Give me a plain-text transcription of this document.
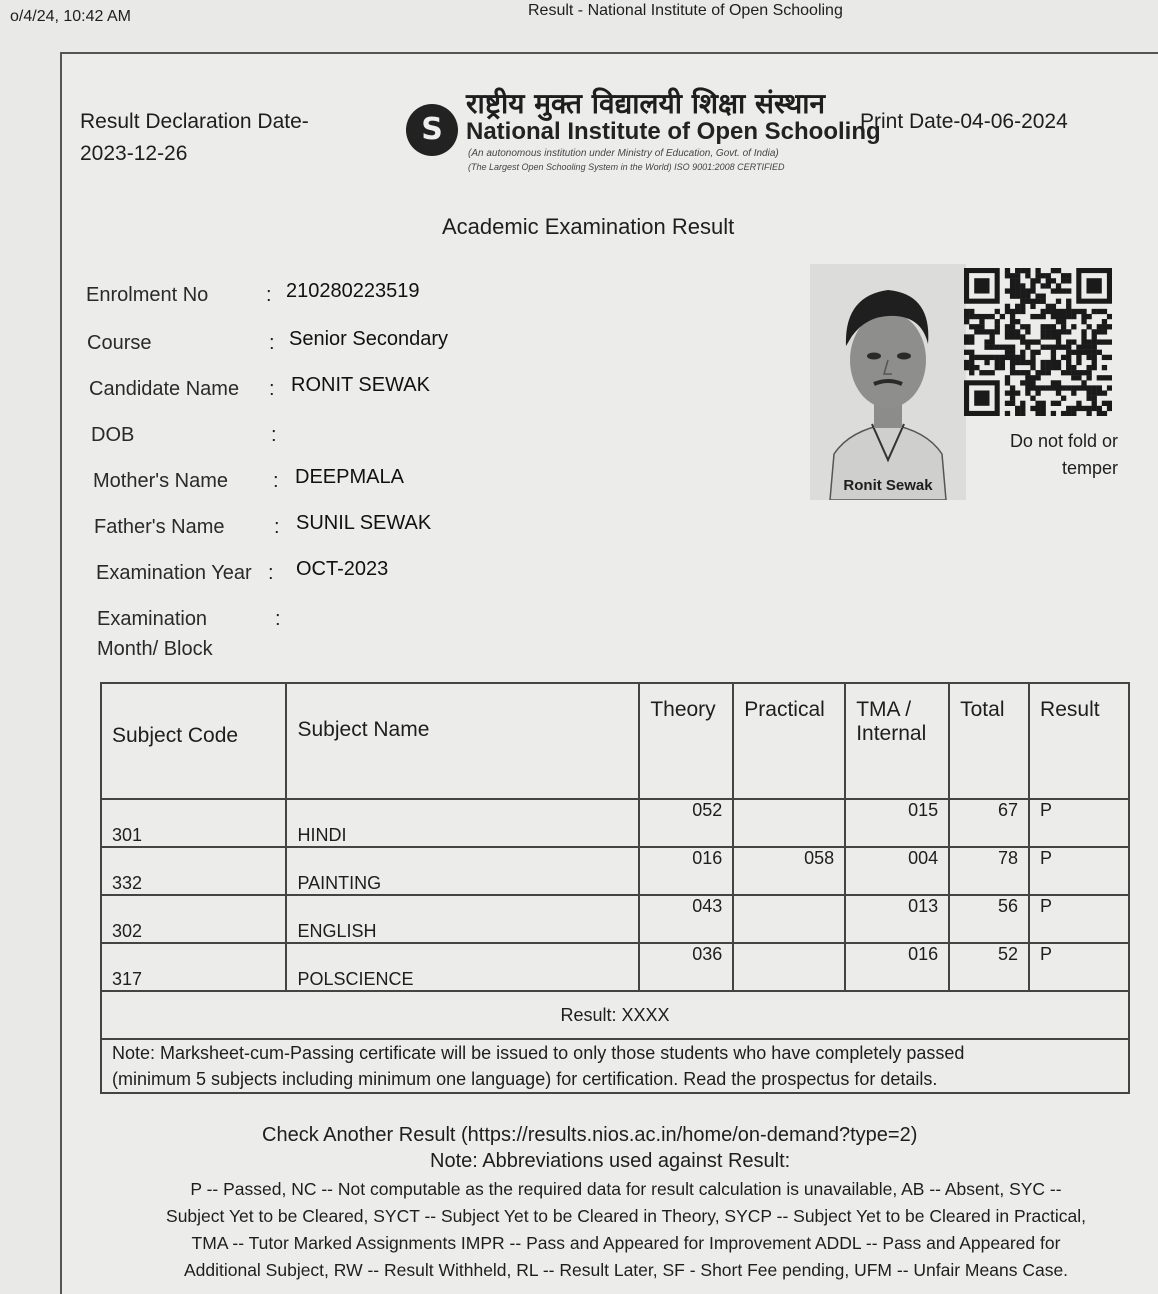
o/4/24, 10:42 AM	Result - National Institute of Open Schooling
Result Declaration Date-
2023-12-26
S
राष्ट्रीय मुक्त विद्यालयी शिक्षा संस्थान
National Institute of Open Schooling
(An autonomous institution under Ministry of Education, Govt. of India)
(The Largest Open Schooling System in the World) ISO 9001:2008 CERTIFIED
Print Date-04-06-2024
Academic Examination Result
Enrolment No	: 210280223519
Course	: Senior Secondary
Candidate Name : RONIT SEWAK
DOB	:
Mother's Name : DEEPMALA
Father's Name : SUNIL SEWAK
Examination Year : OCT-2023
Examination
Month/ Block
:
Ronit Sewak
Do not fold or
temper
Subject Code	Subject Name	Theory	Practical	TMA /
Internal	Total	Result
301	HINDI	052		015	67	P
332	PAINTING	016	058	004	78	P
302	ENGLISH	043		013	56	P
317	POLSCIENCE	036		016	52	P
Result: XXXX						

Note: Marksheet-cum-Passing certificate will be issued to only those students who have completely passed
(minimum 5 subjects including minimum one language) for certification. Read the prospectus for details.						
Check Another Result (https://results.nios.ac.in/home/on-demand?type=2)
Note: Abbreviations used against Result:
P -- Passed, NC -- Not computable as the required data for result calculation is unavailable, AB -- Absent, SYC --
Subject Yet to be Cleared, SYCT -- Subject Yet to be Cleared in Theory, SYCP -- Subject Yet to be Cleared in Practical,
TMA -- Tutor Marked Assignments IMPR -- Pass and Appeared for Improvement ADDL -- Pass and Appeared for
Additional Subject, RW -- Result Withheld, RL -- Result Later, SF - Short Fee pending, UFM -- Unfair Means Case.
